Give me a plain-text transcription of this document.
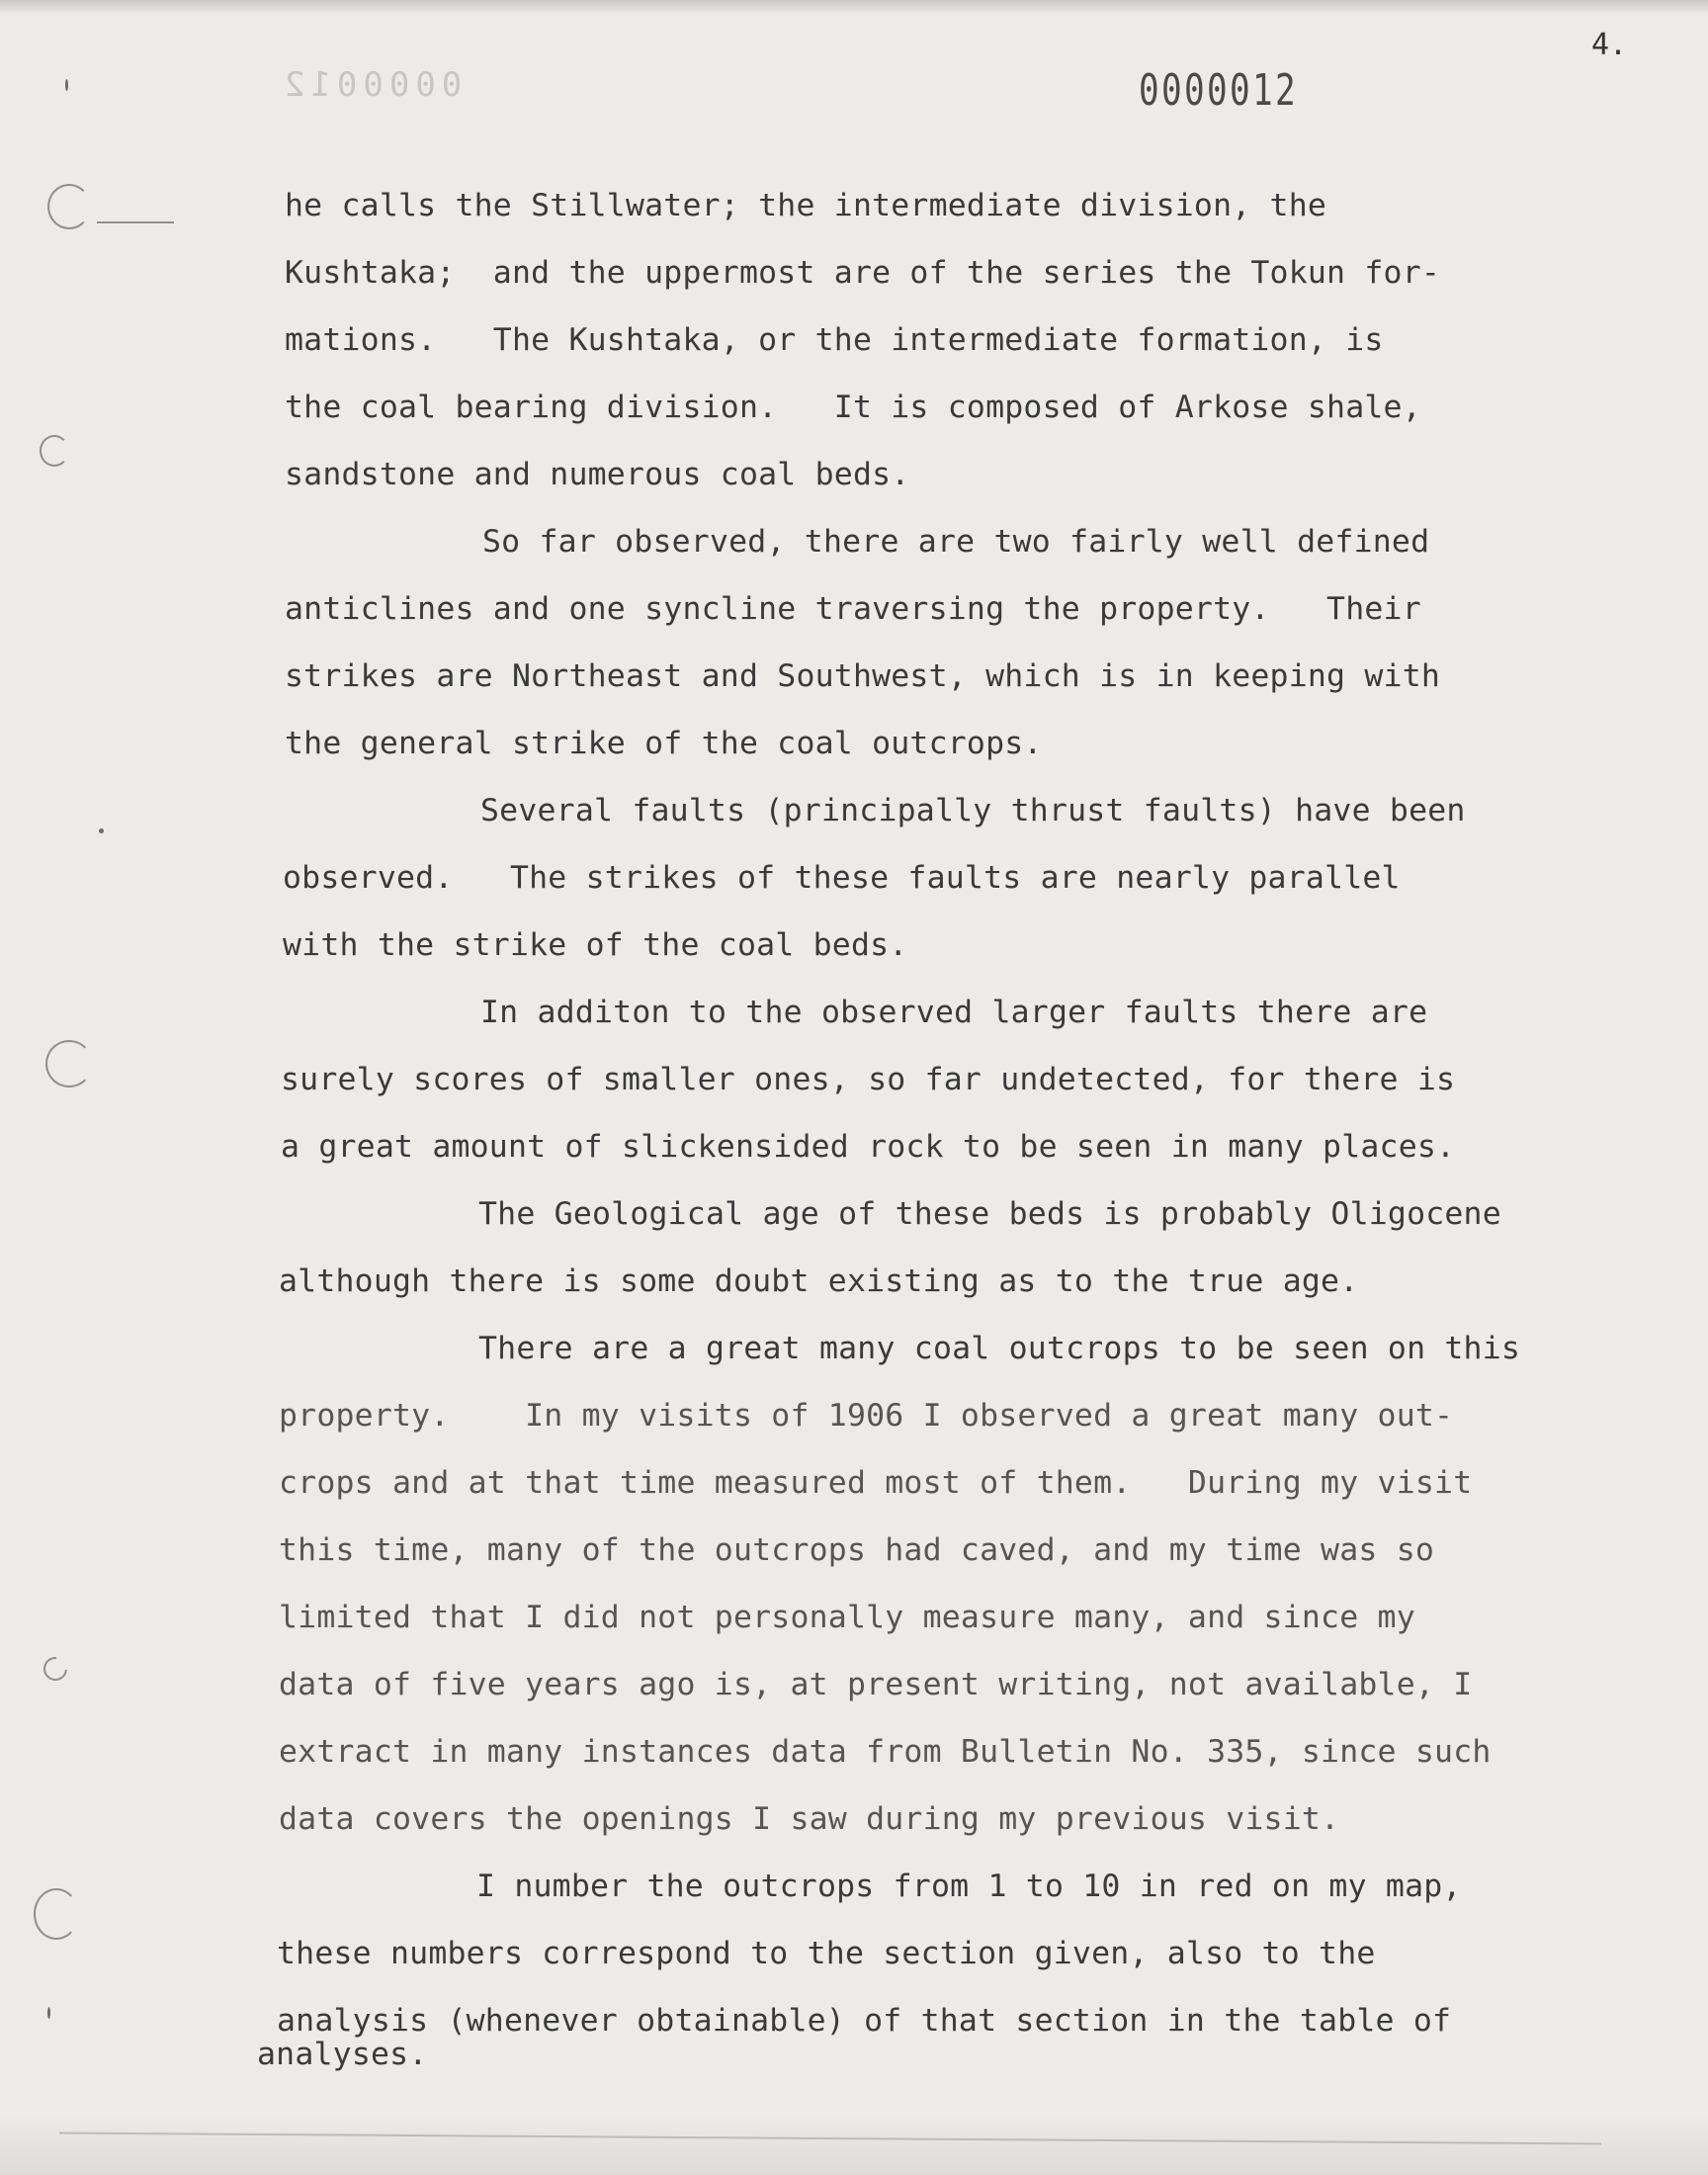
0000012
4.
0000012
he calls the Stillwater; the intermediate division, the
Kushtaka;  and the uppermost are of the series the Tokun for-
mations.   The Kushtaka, or the intermediate formation, is
the coal bearing division.   It is composed of Arkose shale,
sandstone and numerous coal beds.
So far observed, there are two fairly well defined
anticlines and one syncline traversing the property.   Their
strikes are Northeast and Southwest, which is in keeping with
the general strike of the coal outcrops.
Several faults (principally thrust faults) have been
observed.   The strikes of these faults are nearly parallel
with the strike of the coal beds.
In additon to the observed larger faults there are
surely scores of smaller ones, so far undetected, for there is
a great amount of slickensided rock to be seen in many places.
The Geological age of these beds is probably Oligocene
although there is some doubt existing as to the true age.
There are a great many coal outcrops to be seen on this
property.    In my visits of 1906 I observed a great many out-
crops and at that time measured most of them.   During my visit
this time, many of the outcrops had caved, and my time was so
limited that I did not personally measure many, and since my
data of five years ago is, at present writing, not available, I
extract in many instances data from Bulletin No. 335, since such
data covers the openings I saw during my previous visit.
I number the outcrops from 1 to 10 in red on my map,
these numbers correspond to the section given, also to the
analysis (whenever obtainable) of that section in the table of
analyses.
